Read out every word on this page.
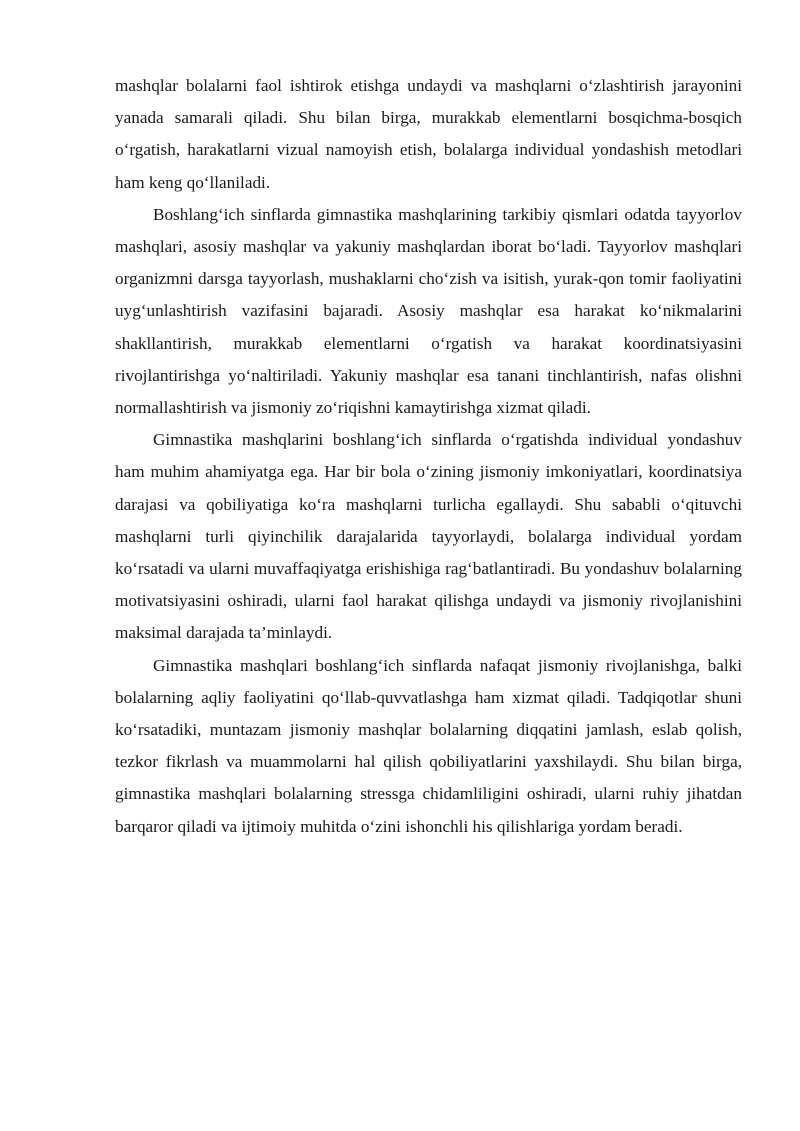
mashqlar bolalarni faol ishtirok etishga undaydi va mashqlarni o‘zlashtirish jarayonini yanada samarali qiladi. Shu bilan birga, murakkab elementlarni bosqichma-bosqich o‘rgatish, harakatlarni vizual namoyish etish, bolalarga individual yondashish metodlari ham keng qo‘llaniladi.

Boshlang‘ich sinflarda gimnastika mashqlarining tarkibiy qismlari odatda tayyorlov mashqlari, asosiy mashqlar va yakuniy mashqlardan iborat bo‘ladi. Tayyorlov mashqlari organizmni darsga tayyorlash, mushaklarni cho‘zish va isitish, yurak-qon tomir faoliyatini uyg‘unlashtirish vazifasini bajaradi. Asosiy mashqlar esa harakat ko‘nikmalarini shakllantirish, murakkab elementlarni o‘rgatish va harakat koordinatsiyasini rivojlantirishga yo‘naltiriladi. Yakuniy mashqlar esa tanani tinchlantirish, nafas olishni normallashtirish va jismoniy zo‘riqishni kamaytirishga xizmat qiladi.

Gimnastika mashqlarini boshlang‘ich sinflarda o‘rgatishda individual yondashuv ham muhim ahamiyatga ega. Har bir bola o‘zining jismoniy imkoniyatlari, koordinatsiya darajasi va qobiliyatiga ko‘ra mashqlarni turlicha egallaydi. Shu sababli o‘qituvchi mashqlarni turli qiyinchilik darajalarida tayyorlaydi, bolalarga individual yordam ko‘rsatadi va ularni muvaffaqiyatga erishishiga rag‘batlantiradi. Bu yondashuv bolalarning motivatsiyasini oshiradi, ularni faol harakat qilishga undaydi va jismoniy rivojlanishini maksimal darajada ta’minlaydi.

Gimnastika mashqlari boshlang‘ich sinflarda nafaqat jismoniy rivojlanishga, balki bolalarning aqliy faoliyatini qo‘llab-quvvatlashga ham xizmat qiladi. Tadqiqotlar shuni ko‘rsatadiki, muntazam jismoniy mashqlar bolalarning diqqatini jamlash, eslab qolish, tezkor fikrlash va muammolarni hal qilish qobiliyatlarini yaxshilaydi. Shu bilan birga, gimnastika mashqlari bolalarning stressga chidamliligini oshiradi, ularni ruhiy jihatdan barqaror qiladi va ijtimoiy muhitda o‘zini ishonchli his qilishlariga yordam beradi.
